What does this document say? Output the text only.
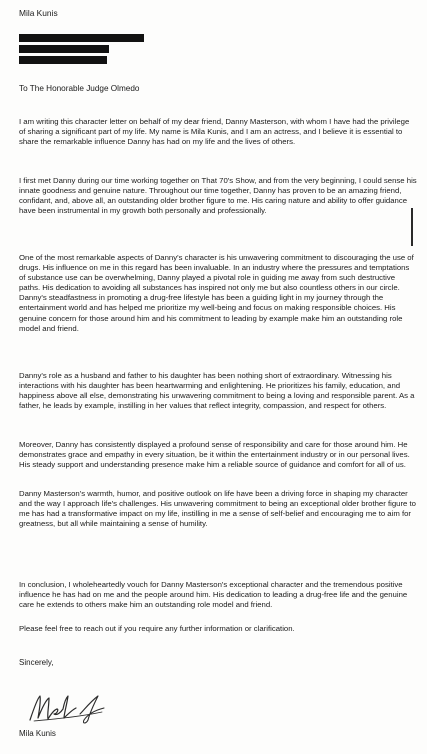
Mila Kunis
To The Honorable Judge Olmedo

I am writing this character letter on behalf of my dear friend, Danny Masterson, with whom I have had the privilege of sharing a significant part of my life. My name is Mila Kunis, and I am an actress, and I believe it is essential to share the remarkable influence Danny has had on my life and the lives of others.

I first met Danny during our time working together on That 70's Show, and from the very beginning, I could sense his innate goodness and genuine nature. Throughout our time together, Danny has proven to be an amazing friend, confidant, and, above all, an outstanding older brother figure to me. His caring nature and ability to offer guidance have been instrumental in my growth both personally and professionally.

One of the most remarkable aspects of Danny's character is his unwavering commitment to discouraging the use of drugs. His influence on me in this regard has been invaluable. In an industry where the pressures and temptations of substance use can be overwhelming, Danny played a pivotal role in guiding me away from such destructive paths. His dedication to avoiding all substances has inspired not only me but also countless others in our circle. Danny's steadfastness in promoting a drug-free lifestyle has been a guiding light in my journey through the entertainment world and has helped me prioritize my well-being and focus on making responsible choices. His genuine concern for those around him and his commitment to leading by example make him an outstanding role model and friend.

Danny's role as a husband and father to his daughter has been nothing short of extraordinary. Witnessing his interactions with his daughter has been heartwarming and enlightening. He prioritizes his family, education, and happiness above all else, demonstrating his unwavering commitment to being a loving and responsible parent. As a father, he leads by example, instilling in her values that reflect integrity, compassion, and respect for others.

Moreover, Danny has consistently displayed a profound sense of responsibility and care for those around him. He demonstrates grace and empathy in every situation, be it within the entertainment industry or in our personal lives. His steady support and understanding presence make him a reliable source of guidance and comfort for all of us.

Danny Masterson's warmth, humor, and positive outlook on life have been a driving force in shaping my character and the way I approach life's challenges. His unwavering commitment to being an exceptional older brother figure to me has had a transformative impact on my life, instilling in me a sense of self-belief and encouraging me to aim for greatness, but all while maintaining a sense of humility.

In conclusion, I wholeheartedly vouch for Danny Masterson's exceptional character and the tremendous positive influence he has had on me and the people around him. His dedication to leading a drug-free life and the genuine care he extends to others make him an outstanding role model and friend.

Please feel free to reach out if you require any further information or clarification.

Sincerely,
Mila Kunis
